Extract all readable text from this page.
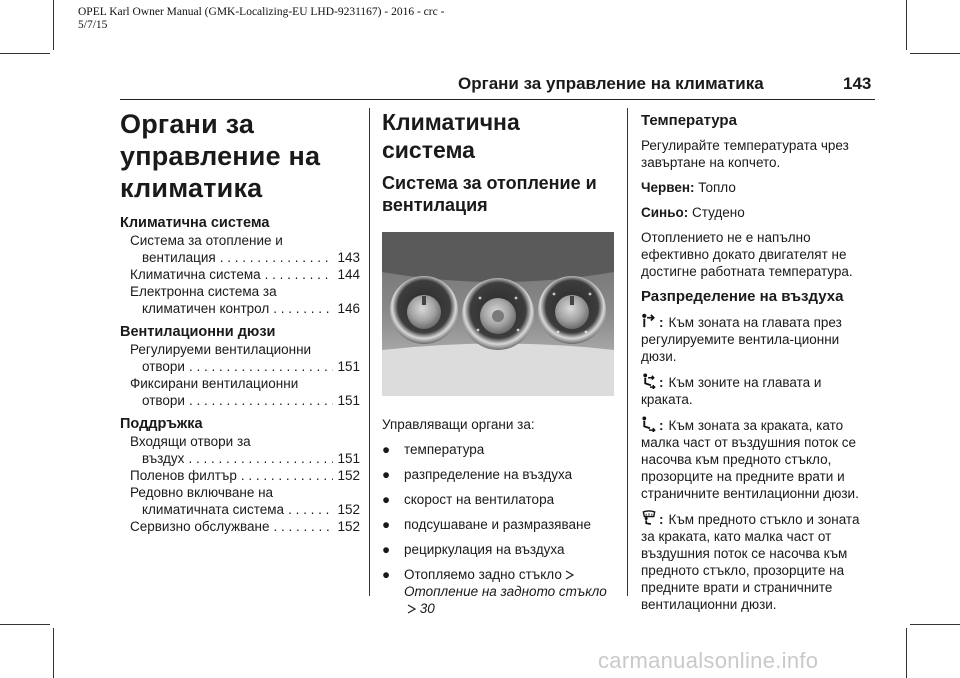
OPEL Karl Owner Manual (GMK-Localizing-EU LHD-9231167) - 2016 - crc -
5/7/15
Органи за управление на климатика	143
Органи за управление на климатика
Климатична система
Система за отопление и
вентилация . . .	143
Климатична система . . .	144
Електронна система за
климатичен контрол . . .	146
Вентилационни дюзи
Регулируеми вентилационни
отвори . . .	151
Фиксирани вентилационни
отвори . . .	151
Поддръжка
Входящи отвори за
въздух . . .	151
Поленов филтър . . .	152
Редовно включване на
климатичната система . . .	152
Сервизно обслужване . . .	152
Климатична система
Система за отопление и вентилация

Управляващи органи за:

●	температура
●	разпределение на въздуха
●	скорост на вентилатора
●	подсушаване и размразяване
●	рециркулация на въздуха
●	Отопляемо задно стъкло
Отопление на задното стъкло  30
Температура

Регулирайте температурата чрез завъртане на копчето.

Червен: Топло

Синьо: Студено

Отоплението не е напълно ефективно докато двигателят не достигне работната температура.

Разпределение на въздуха

: Към зоната на главата през регулируемите вентила-ционни дюзи.

: Към зоните на главата и краката.

: Към зоната за краката, като малка част от въздушния поток се насочва към предното стъкло, прозорците на предните врати и страничните вентилационни дюзи.

: Към предното стъкло и зоната за краката, като малка част от въздушния поток се насочва към предното стъкло, прозорците на предните врати и страничните вентилационни дюзи.

carmanualsonline.info
